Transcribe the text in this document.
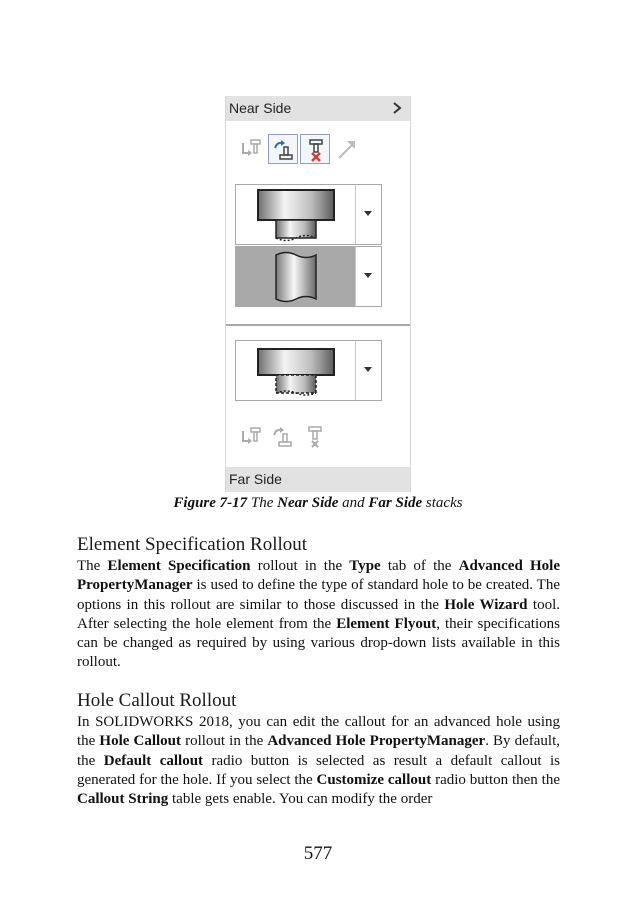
Near Side
Far Side
Figure 7-17 The Near Side and Far Side stacks
Element Specification Rollout
The Element Specification rollout in the Type tab of the Advanced Hole PropertyManager is used to define the type of standard hole to be created. The options in this rollout are similar to those discussed in the Hole Wizard tool. After selecting the hole element from the Element Flyout, their specifications can be changed as required by using various drop-down lists available in this rollout.
Hole Callout Rollout
In SOLIDWORKS 2018, you can edit the callout for an advanced hole using the Hole Callout rollout in the Advanced Hole PropertyManager. By default, the Default callout radio button is selected as result a default callout is generated for the hole. If you select the Customize callout radio button then the Callout String table gets enable. You can modify the order
577
